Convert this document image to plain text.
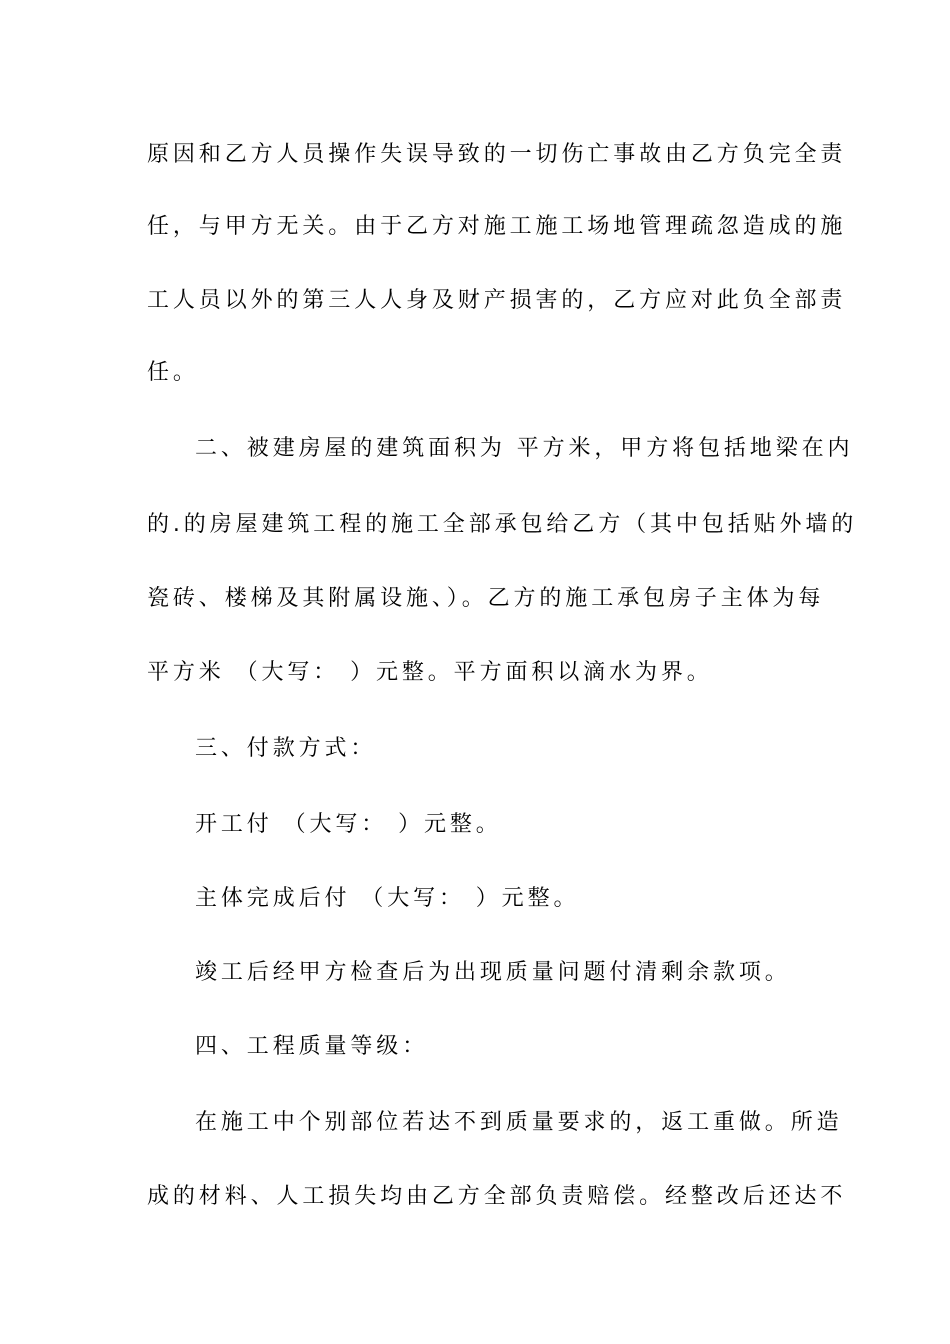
原因和乙方人员操作失误导致的一切伤亡事故由乙方负完全责
任，与甲方无关。由于乙方对施工施工场地管理疏忽造成的施
工人员以外的第三人人身及财产损害的，乙方应对此负全部责
任。
二、被建房屋的建筑面积为 平方米，甲方将包括地梁在内
的.的房屋建筑工程的施工全部承包给乙方（其中包括贴外墙的
瓷砖、楼梯及其附属设施、）。乙方的施工承包房子主体为每
平方米 （大写： ）元整。平方面积以滴水为界。
三、付款方式：
开工付 （大写： ）元整。
主体完成后付 （大写： ）元整。
竣工后经甲方检查后为出现质量问题付清剩余款项。
四、工程质量等级：
在施工中个别部位若达不到质量要求的，返工重做。所造
成的材料、人工损失均由乙方全部负责赔偿。经整改后还达不
